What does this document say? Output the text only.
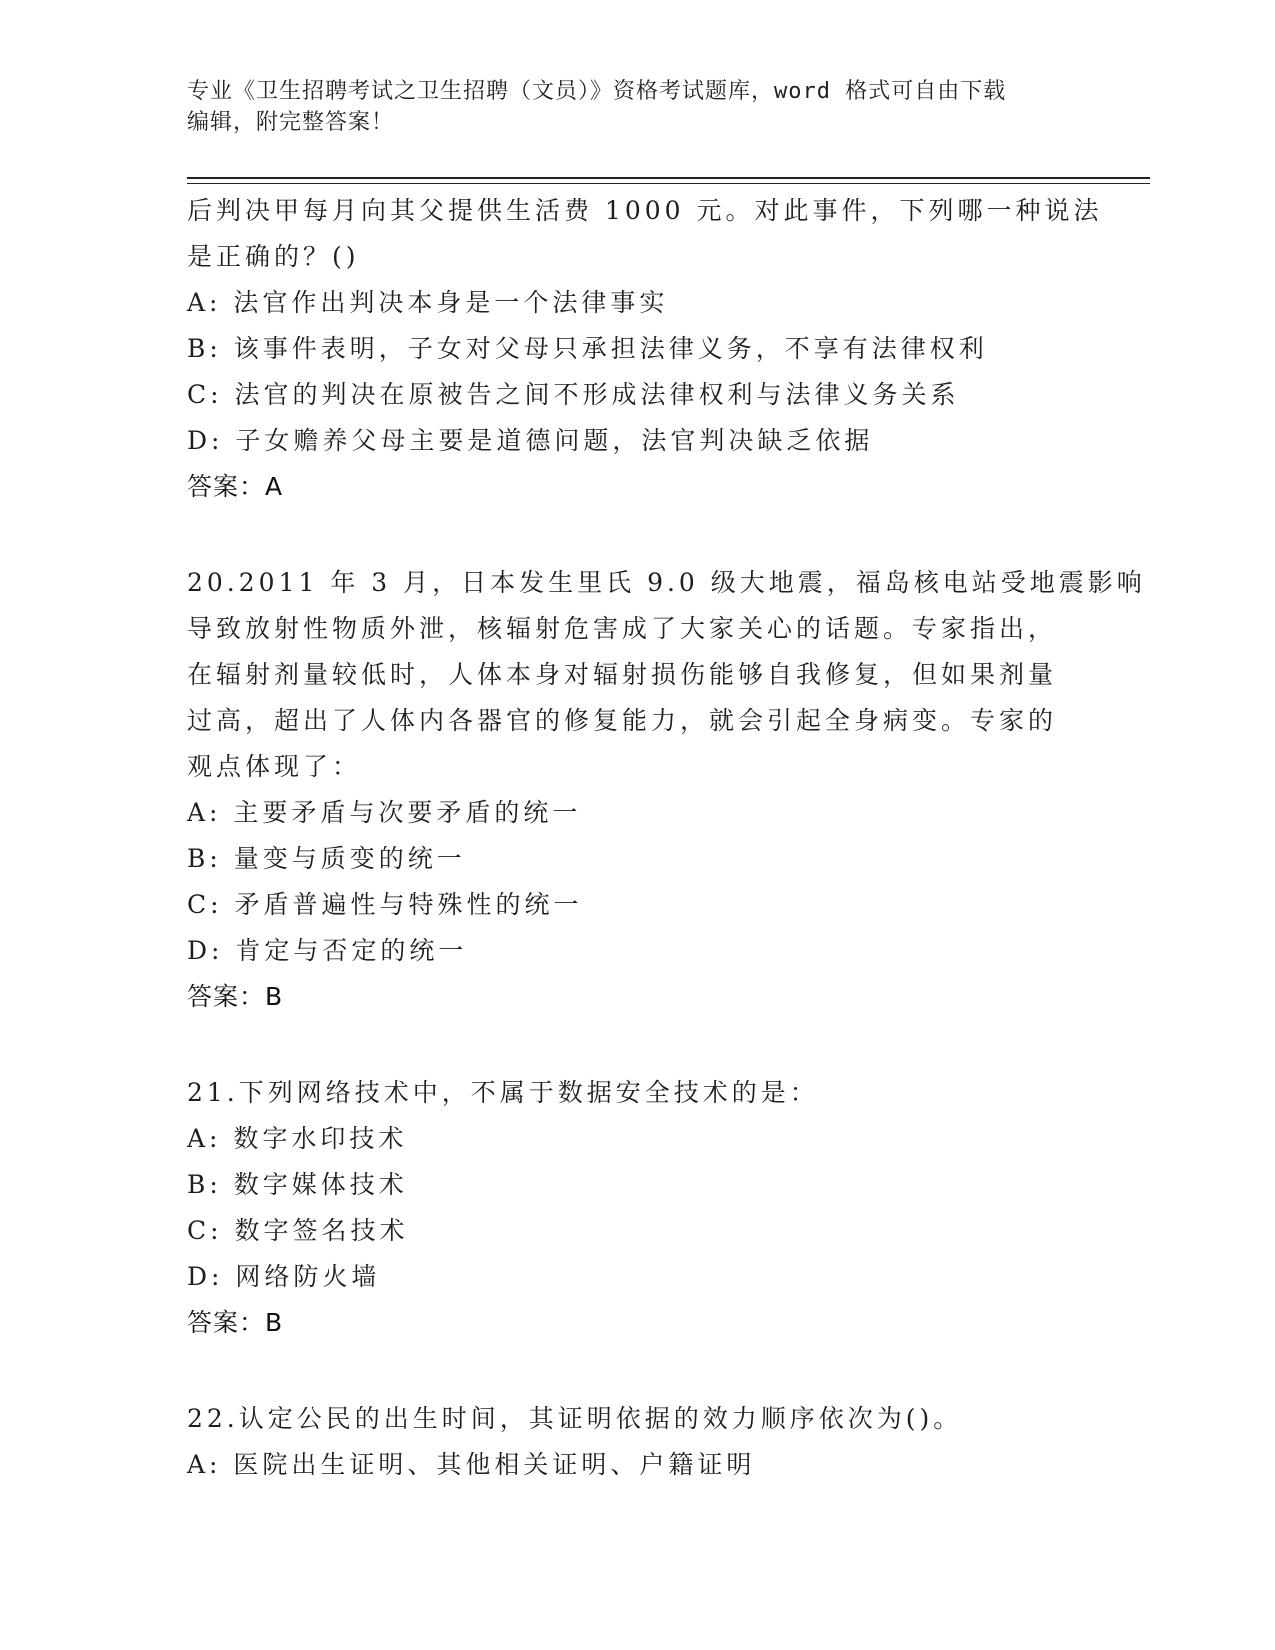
专业《卫生招聘考试之卫生招聘（文员）》资格考试题库，word 格式可自由下载
编辑，附完整答案！
后判决甲每月向其父提供生活费 1000 元。对此事件，下列哪一种说法
是正确的？()
A: 法官作出判决本身是一个法律事实
B: 该事件表明，子女对父母只承担法律义务，不享有法律权利
C: 法官的判决在原被告之间不形成法律权利与法律义务关系
D: 子女赡养父母主要是道德问题，法官判决缺乏依据
答案：A
20.2011 年 3 月，日本发生里氏 9.0 级大地震，福岛核电站受地震影响
导致放射性物质外泄，核辐射危害成了大家关心的话题。专家指出，
在辐射剂量较低时，人体本身对辐射损伤能够自我修复，但如果剂量
过高，超出了人体内各器官的修复能力，就会引起全身病变。专家的
观点体现了：
A: 主要矛盾与次要矛盾的统一
B: 量变与质变的统一
C: 矛盾普遍性与特殊性的统一
D: 肯定与否定的统一
答案：B
21.下列网络技术中，不属于数据安全技术的是：
A: 数字水印技术
B: 数字媒体技术
C: 数字签名技术
D: 网络防火墙
答案：B
22.认定公民的出生时间，其证明依据的效力顺序依次为()。
A: 医院出生证明、其他相关证明、户籍证明
